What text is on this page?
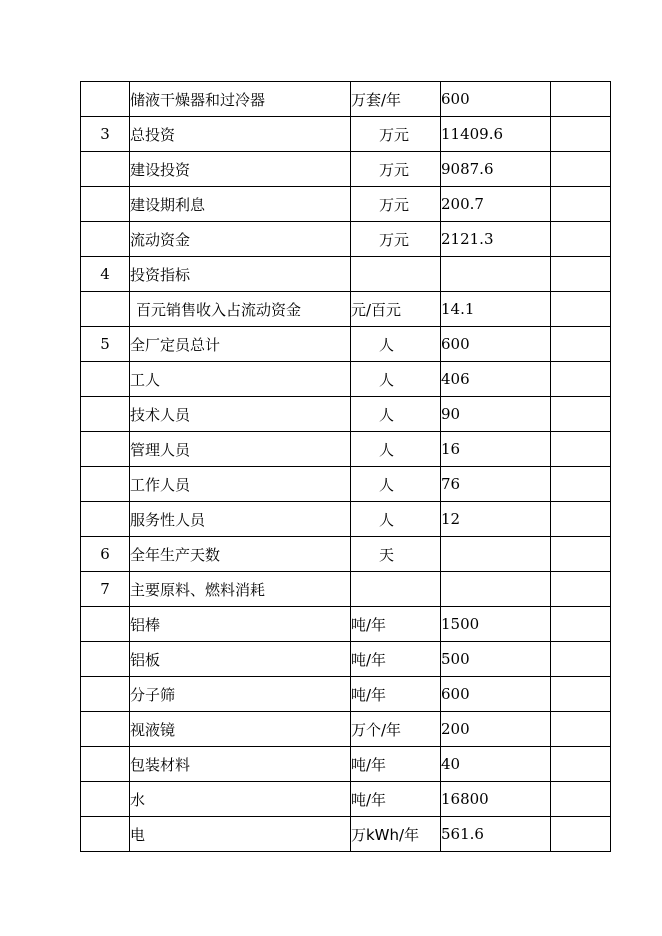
	储液干燥器和过冷器	万套/年	600	
3	总投资	万元	11409.6	
	建设投资	万元	9087.6	
	建设期利息	万元	200.7	
	流动资金	万元	2121.3	
4	投资指标			
	百元销售收入占流动资金	元/百元	14.1	
5	全厂定员总计	人	600	
	工人	人	406	
	技术人员	人	90	
	管理人员	人	16	
	工作人员	人	76	
	服务性人员	人	12	
6	全年生产天数	天		
7	主要原料、燃料消耗			
	铝棒	吨/年	1500	
	铝板	吨/年	500	
	分子筛	吨/年	600	
	视液镜	万个/年	200	
	包装材料	吨/年	40	
	水	吨/年	16800	
	电	万kWh/年	561.6	
